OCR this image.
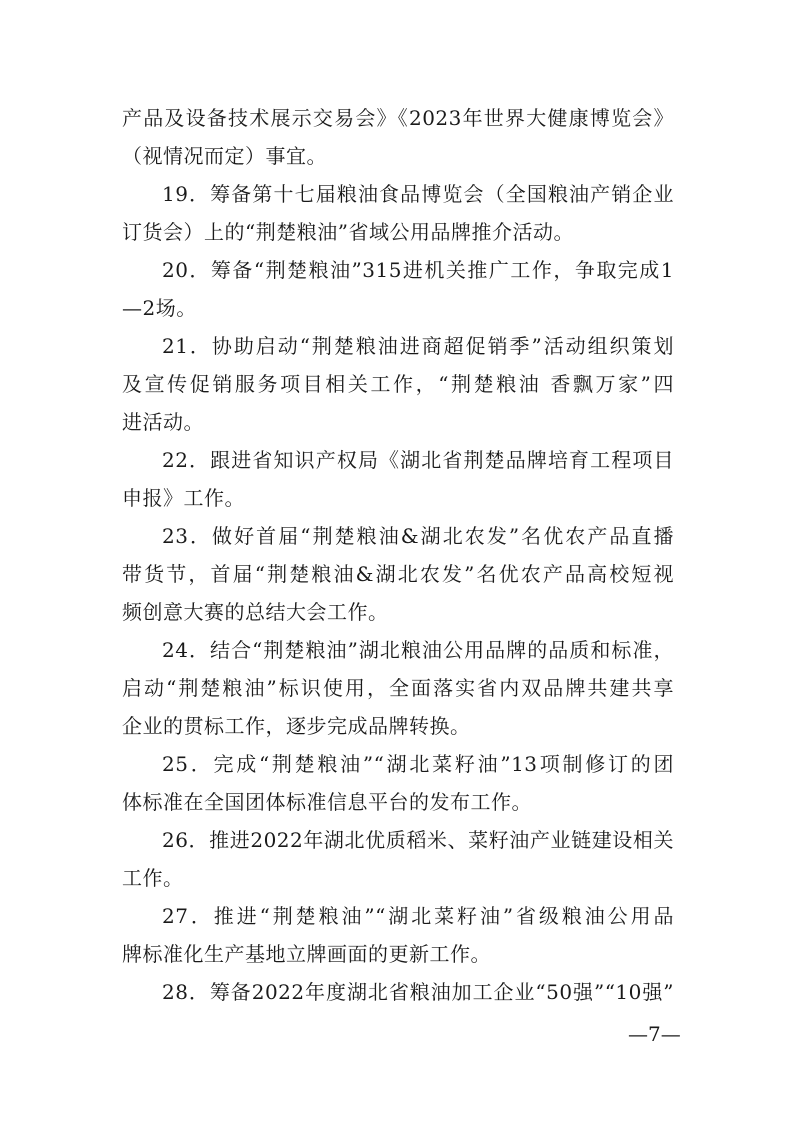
产品及设备技术展示交易会》《2023年世界大健康博览会》
（视情况而定）事宜。
19．筹备第十七届粮油食品博览会（全国粮油产销企业
订货会）上的“荆楚粮油”省域公用品牌推介活动。
20．筹备“荆楚粮油”315进机关推广工作，争取完成1
—2场。
21．协助启动“荆楚粮油进商超促销季”活动组织策划
及宣传促销服务项目相关工作，“荆楚粮油 香飘万家”四
进活动。
22．跟进省知识产权局《湖北省荆楚品牌培育工程项目
申报》工作。
23．做好首届“荆楚粮油&湖北农发”名优农产品直播
带货节，首届“荆楚粮油&湖北农发”名优农产品高校短视
频创意大赛的总结大会工作。
24．结合“荆楚粮油”湖北粮油公用品牌的品质和标准，
启动“荆楚粮油”标识使用，全面落实省内双品牌共建共享
企业的贯标工作，逐步完成品牌转换。
25．完成“荆楚粮油”“湖北菜籽油”13项制修订的团
体标准在全国团体标准信息平台的发布工作。
26．推进2022年湖北优质稻米、菜籽油产业链建设相关
工作。
27．推进“荆楚粮油”“湖北菜籽油”省级粮油公用品
牌标准化生产基地立牌画面的更新工作。
28．筹备2022年度湖北省粮油加工企业“50强”“10强”
—7—
